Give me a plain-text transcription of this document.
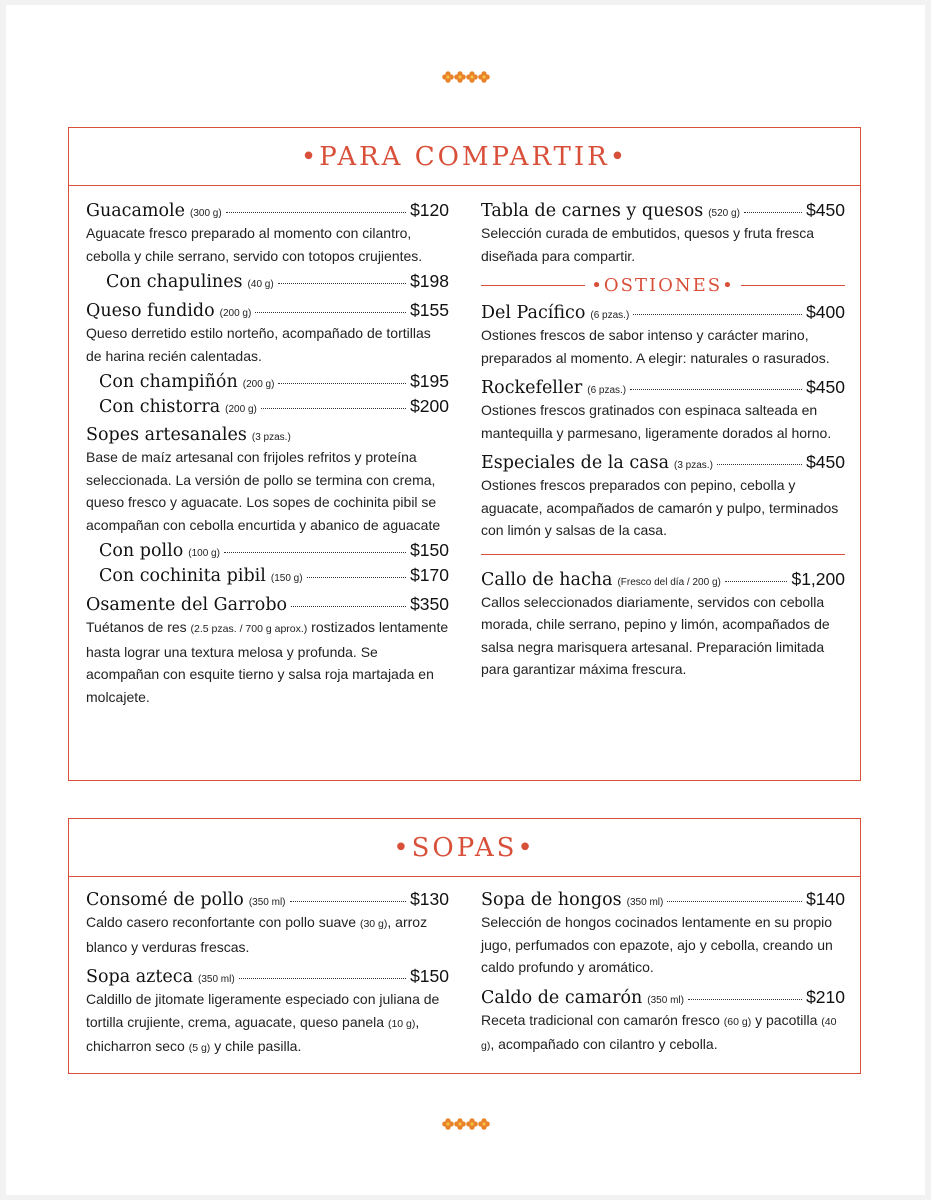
•PARA COMPARTIR•
Guacamole (300 g)	$120
Aguacate fresco preparado al momento con cilantro, cebolla y chile serrano, servido con totopos crujientes.
Con chapulines (40 g)	$198
Queso fundido (200 g)	$155
Queso derretido estilo norteño, acompañado de tortillas de harina recién calentadas.
Con champiñón (200 g)	$195
Con chistorra (200 g)	$200
Sopes artesanales (3 pzas.)
Base de maíz artesanal con frijoles refritos y proteína seleccionada. La versión de pollo se termina con crema, queso fresco y aguacate. Los sopes de cochinita pibil se acompañan con cebolla encurtida y abanico de aguacate
Con pollo (100 g)	$150
Con cochinita pibil (150 g)	$170
Osamente del Garrobo	$350
Tuétanos de res (2.5 pzas. / 700 g aprox.) rostizados lentamente hasta lograr una textura melosa y profunda. Se acompañan con esquite tierno y salsa roja martajada en molcajete.
Tabla de carnes y quesos (520 g)	$450
Selección curada de embutidos, quesos y fruta fresca diseñada para compartir.
•OSTIONES•
Del Pacífico (6 pzas.)	$400
Ostiones frescos de sabor intenso y carácter marino, preparados al momento. A elegir: naturales o rasurados.
Rockefeller (6 pzas.)	$450
Ostiones frescos gratinados con espinaca salteada en mantequilla y parmesano, ligeramente dorados al horno.
Especiales de la casa (3 pzas.)	$450
Ostiones frescos preparados con pepino, cebolla y aguacate, acompañados de camarón y pulpo, terminados con limón y salsas de la casa.
Callo de hacha (Fresco del día / 200 g)	$1,200
Callos seleccionados diariamente, servidos con cebolla morada, chile serrano, pepino y limón, acompañados de salsa negra marisquera artesanal. Preparación limitada para garantizar máxima frescura.
•SOPAS•
Consomé de pollo (350 ml)	$130
Caldo casero reconfortante con pollo suave (30 g), arroz blanco y verduras frescas.
Sopa azteca (350 ml)	$150
Caldillo de jitomate ligeramente especiado con juliana de tortilla crujiente, crema, aguacate, queso panela (10 g), chicharron seco (5 g) y chile pasilla.
Sopa de hongos (350 ml)	$140
Selección de hongos cocinados lentamente en su propio jugo, perfumados con epazote, ajo y cebolla, creando un caldo profundo y aromático.
Caldo de camarón (350 ml)	$210
Receta tradicional con camarón fresco (60 g) y pacotilla (40 g), acompañado con cilantro y cebolla.
